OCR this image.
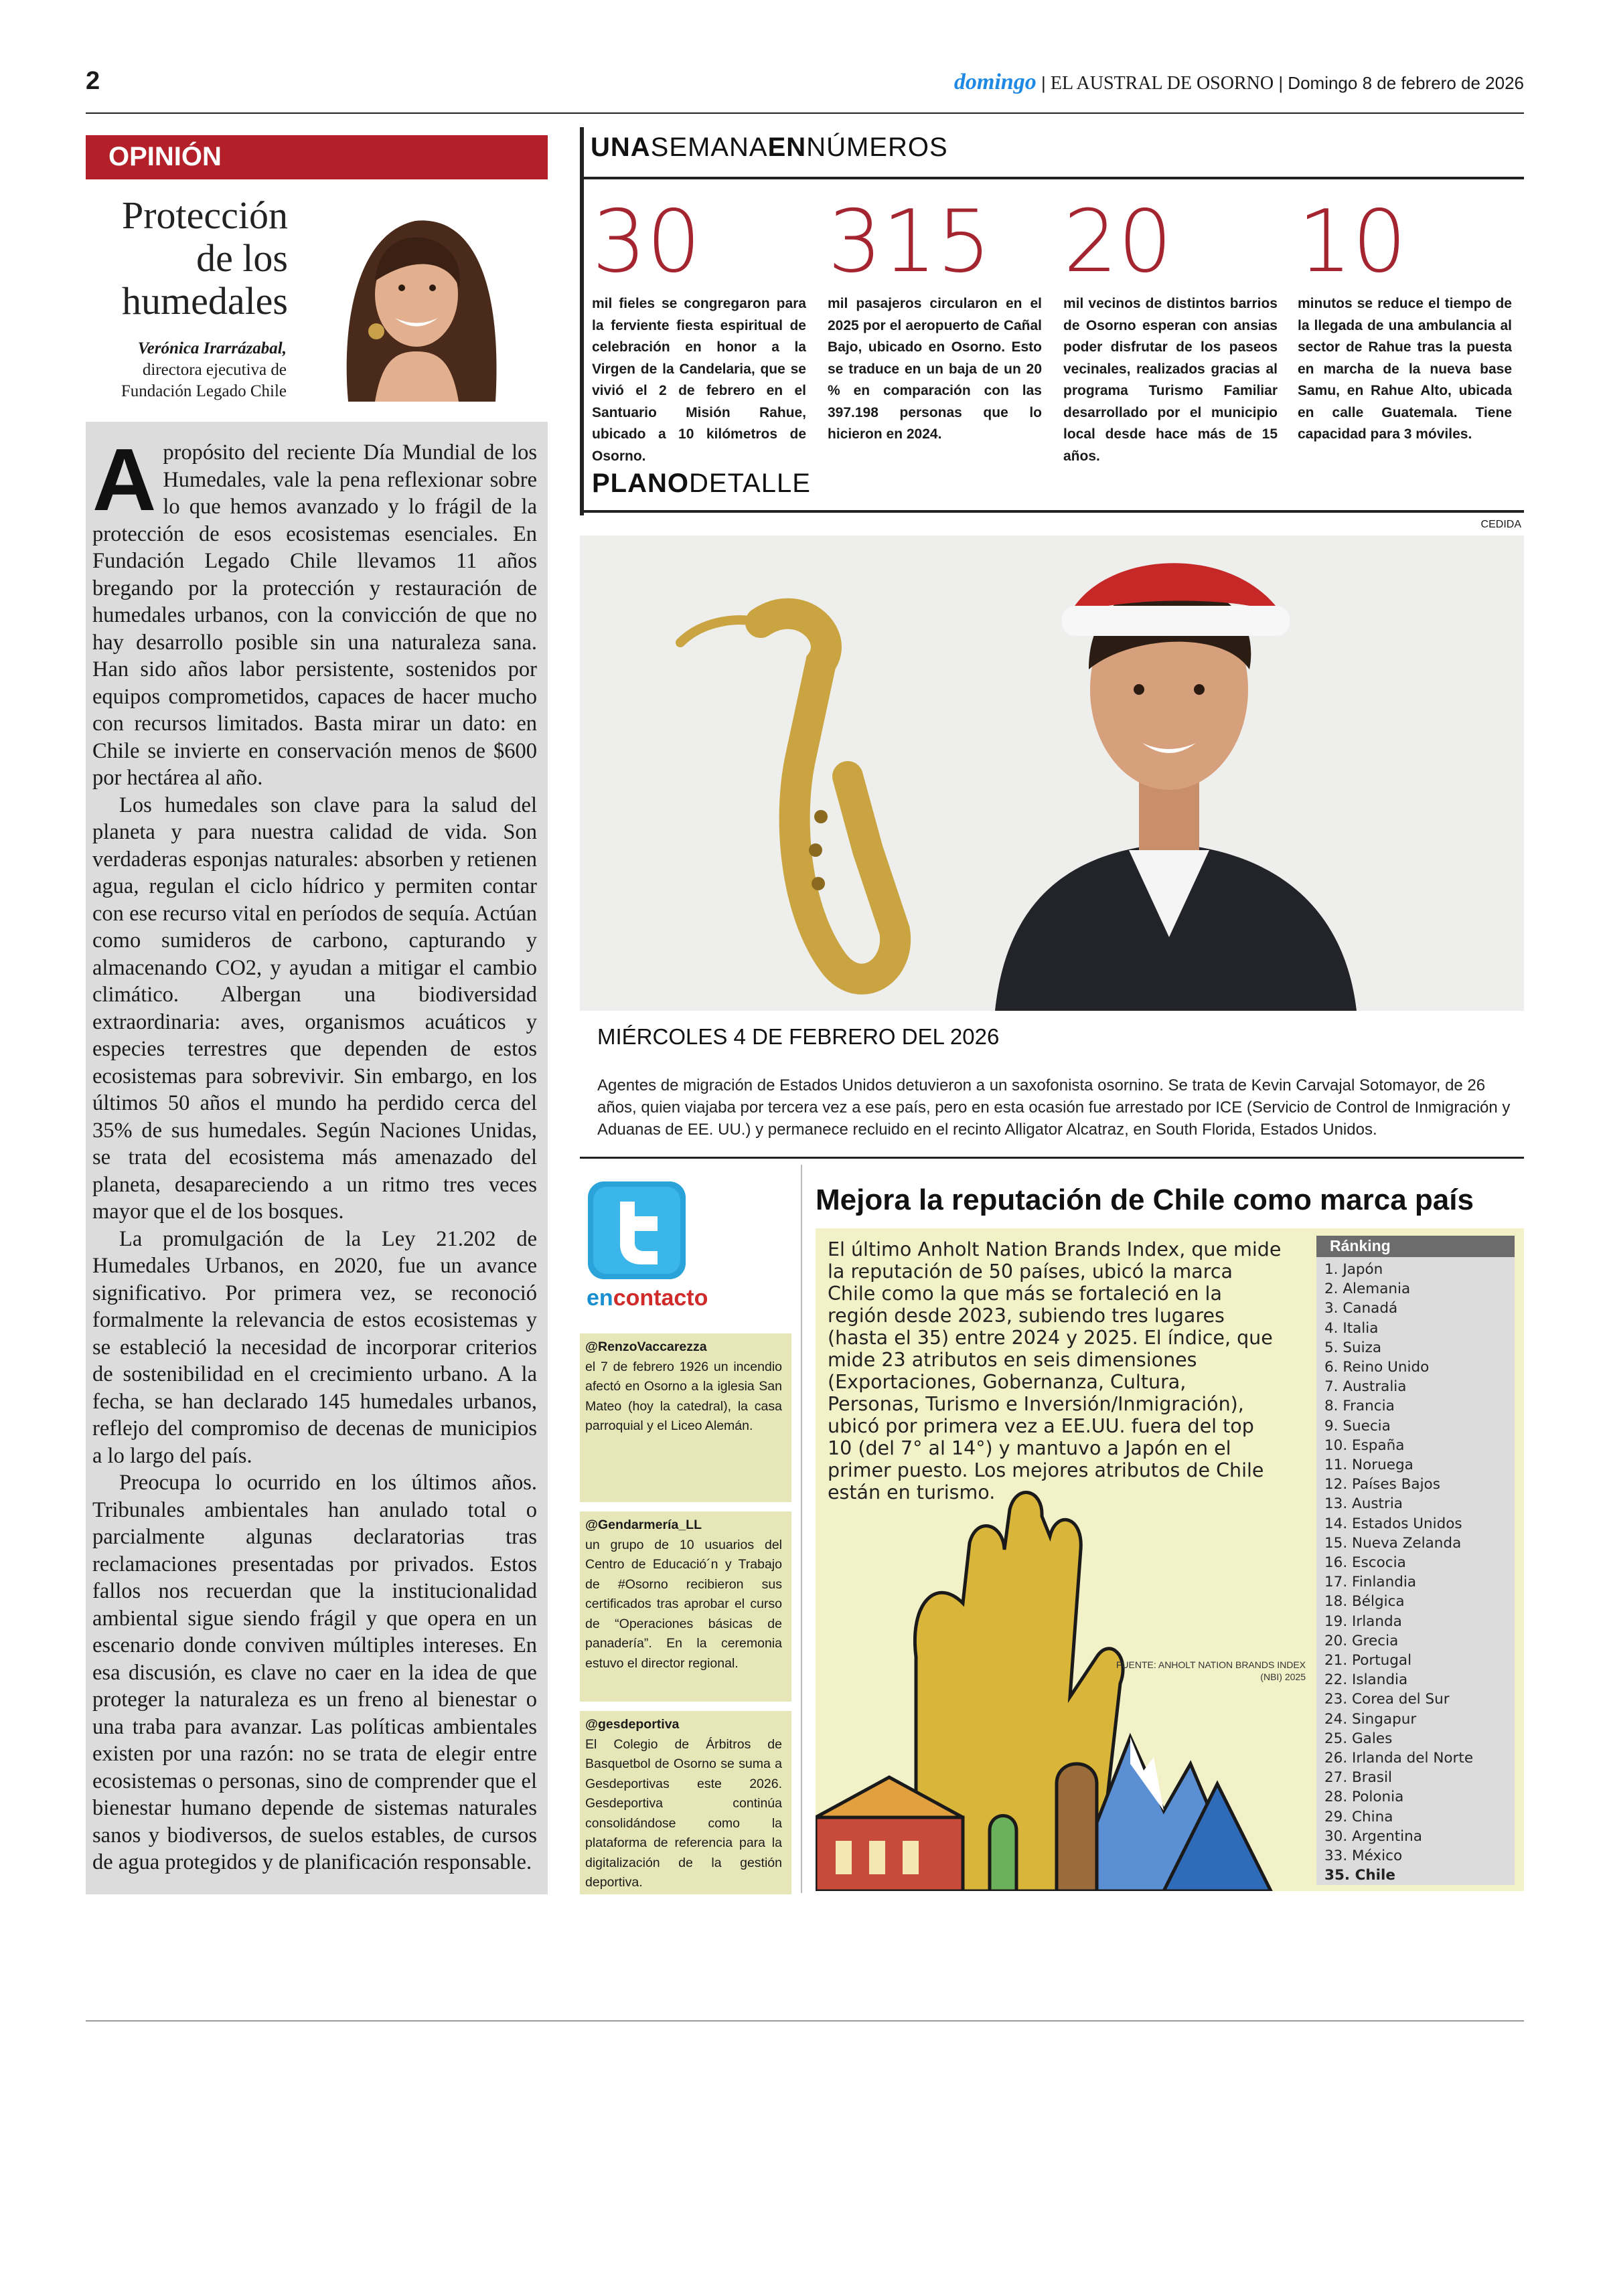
2	domingo | EL AUSTRAL DE OSORNO | Domingo 8 de febrero de 2026
OPINIÓN
Protección
de los
humedales
Verónica Irarrázabal,
directora ejecutiva de
Fundación Legado Chile

Apropósito del reciente Día Mundial de los Humedales, vale la pena reflexionar sobre lo que hemos avanzado y lo frágil de la protección de esos ecosistemas esenciales. En Fundación Legado Chile llevamos 11 años bregando por la protección y restauración de humedales urbanos, con la convicción de que no hay desarrollo posible sin una naturaleza sana. Han sido años labor persistente, sostenidos por equipos comprometidos, capaces de hacer mucho con recursos limitados. Basta mirar un dato: en Chile se invierte en conservación menos de $600 por hectárea al año.

Los humedales son clave para la salud del planeta y para nuestra calidad de vida. Son verdaderas esponjas naturales: absorben y retienen agua, regulan el ciclo hídrico y permiten contar con ese recurso vital en períodos de sequía. Actúan como sumideros de carbono, capturando y almacenando CO2, y ayudan a mitigar el cambio climático. Albergan una biodiversidad extraordinaria: aves, organismos acuáticos y especies terrestres que dependen de estos ecosistemas para sobrevivir. Sin embargo, en los últimos 50 años el mundo ha perdido cerca del 35% de sus humedales. Según Naciones Unidas, se trata del ecosistema más amenazado del planeta, desapareciendo a un ritmo tres veces mayor que el de los bosques.

La promulgación de la Ley 21.202 de Humedales Urbanos, en 2020, fue un avance significativo. Por primera vez, se reconoció formalmente la relevancia de estos ecosistemas y se estableció la necesidad de incorporar criterios de sostenibilidad en el crecimiento urbano. A la fecha, se han declarado 145 humedales urbanos, reflejo del compromiso de decenas de municipios a lo largo del país.

Preocupa lo ocurrido en los últimos años. Tribunales ambientales han anulado total o parcialmente algunas declaratorias tras reclamaciones presentadas por privados. Estos fallos nos recuerdan que la institucionalidad ambiental sigue siendo frágil y que opera en un escenario donde conviven múltiples intereses. En esa discusión, es clave no caer en la idea de que proteger la naturaleza es un freno al bienestar o una traba para avanzar. Las políticas ambientales existen por una razón: no se trata de elegir entre ecosistemas o personas, sino de comprender que el bienestar humano depende de sistemas naturales sanos y biodiversos, de suelos estables, de cursos de agua protegidos y de planificación responsable.

UNASEMANAENNÚMEROS
30
mil fieles se congregaron para la ferviente fiesta espiritual de celebración en honor a la Virgen de la Candelaria, que se vivió el 2 de febrero en el Santuario Misión Rahue, ubicado a 10 kilómetros de Osorno.
315
mil pasajeros circularon en el 2025 por el aeropuerto de Cañal Bajo, ubicado en Osorno. Esto se traduce en un baja de un 20 % en comparación con las 397.198 personas que lo hicieron en 2024.
20
mil vecinos de distintos barrios de Osorno esperan con ansias poder disfrutar de los paseos vecinales, realizados gracias al programa Turismo Familiar desarrollado por el municipio local desde hace más de 15 años.
10
minutos se reduce el tiempo de la llegada de una ambulancia al sector de Rahue tras la puesta en marcha de la nueva base Samu, en Rahue Alto, ubicada en calle Guatemala. Tiene capacidad para 3 móviles.
PLANODETALLE
CEDIDA
MIÉRCOLES 4 DE FEBRERO DEL 2026
Agentes de migración de Estados Unidos detuvieron a un saxofonista osornino. Se trata de Kevin Carvajal Sotomayor, de 26 años, quien viajaba por tercera vez a ese país, pero en esta ocasión fue arrestado por ICE (Servicio de Control de Inmigración y Aduanas de EE. UU.) y permanece recluido en el recinto Alligator Alcatraz, en South Florida, Estados Unidos.
encontacto
@RenzoVaccarezza
el 7 de febrero 1926 un incendio afectó en Osorno a la iglesia San Mateo (hoy la catedral), la casa parroquial y el Liceo Alemán.
@Gendarmería_LL
un grupo de 10 usuarios del Centro de Educació´n y Trabajo de #Osorno recibieron sus certificados tras aprobar el curso de “Operaciones básicas de panadería”. En la ceremonia estuvo el director regional.
@gesdeportiva
El Colegio de Árbitros de Basquetbol de Osorno se suma a Gesdeportivas este 2026. Gesdeportiva continúa consolidándose como la plataforma de referencia para la digitalización de la gestión deportiva.
Mejora la reputación de Chile como marca país
El último Anholt Nation Brands Index, que mide la reputación de 50 países, ubicó la marca Chile como la que más se fortaleció en la región desde 2023, subiendo tres lugares (hasta el 35) entre 2024 y 2025. El índice, que mide 23 atributos en seis dimensiones (Exportaciones, Gobernanza, Cultura, Personas, Turismo e Inversión/Inmigración), ubicó por primera vez a EE.UU. fuera del top 10 (del 7° al 14°) y mantuvo a Japón en el primer puesto. Los mejores atributos de Chile están en turismo.
FUENTE: ANHOLT NATION BRANDS INDEX (NBI) 2025
Ránking
1. Japón
2. Alemania
3. Canadá
4. Italia
5. Suiza
6. Reino Unido
7. Australia
8. Francia
9. Suecia
10. España
11. Noruega
12. Países Bajos
13. Austria
14. Estados Unidos
15. Nueva Zelanda
16. Escocia
17. Finlandia
18. Bélgica
19. Irlanda
20. Grecia
21. Portugal
22. Islandia
23. Corea del Sur
24. Singapur
25. Gales
26. Irlanda del Norte
27. Brasil
28. Polonia
29. China
30. Argentina
33. México
35. Chile
